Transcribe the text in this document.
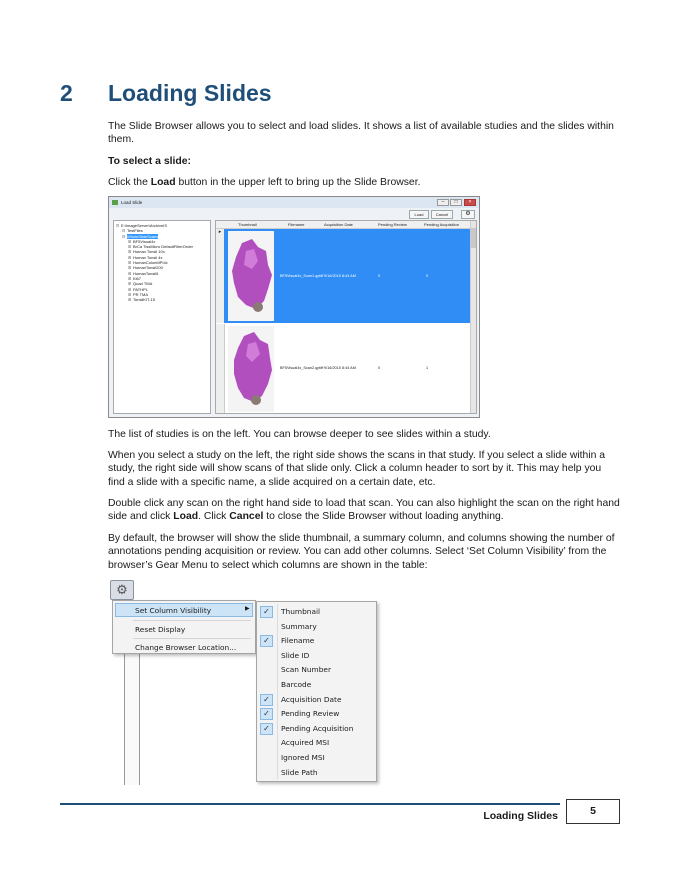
2 Loading Slides
The Slide Browser allows you to select and load slides. It shows a list of available studies and the slides within them.
To select a slide:
Click the Load button in the upper left to bring up the Slide Browser.
Load Slide	–	□	×
Load	Cancel	⚙
⊟ E:\ImageServer\ArchiveIS
⊟ TestFiles
⊟ WholeSlideScans
⊞ BF5Visual4x
⊞ BrCa TissMicro DefaultFilterOrder
⊞ Human Tonsil 10x
⊞ Human Tonsil 4x
⊞ HumanColonMPI4x
⊞ HumanTonsil200
⊞ HumanTonsil6
⊞ Ki67
⊞ Quad TMA
⊞ PATHPL
⊞ PR TMA
⊞ TonsilKIT-15
Thumbnail	Filename	Acquisition Date	Pending Review	Pending Acquisition
▸
BF5Visual4x_Scan1.qptiff 9/16/2015 8:44 AM	0	0
BF5Visual4x_Scan2.qptiff 9/16/2015 8:44 AM	0	1
The list of studies is on the left. You can browse deeper to see slides within a study.
When you select a study on the left, the right side shows the scans in that study. If you select a slide within a study, the right side will show scans of that slide only. Click a column header to sort by it. This may help you find a slide with a specific name, a slide acquired on a certain date, etc.
Double click any scan on the right hand side to load that scan. You can also highlight the scan on the right hand side and click Load. Click Cancel to close the Slide Browser without loading anything.
By default, the browser will show the slide thumbnail, a summary column, and columns showing the number of annotations pending acquisition or review. You can add other columns. Select ‘Set Column Visibility’ from the browser’s Gear Menu to select which columns are shown in the table:
⚙
Set Column Visibility	▶
Reset Display
Change Browser Location...
✓	Thumbnail
Summary
✓	Filename
Slide ID
Scan Number
Barcode
✓	Acquisition Date
✓	Pending Review
✓	Pending Acquisition
Acquired MSI
Ignored MSI
Slide Path
Loading Slides	5
